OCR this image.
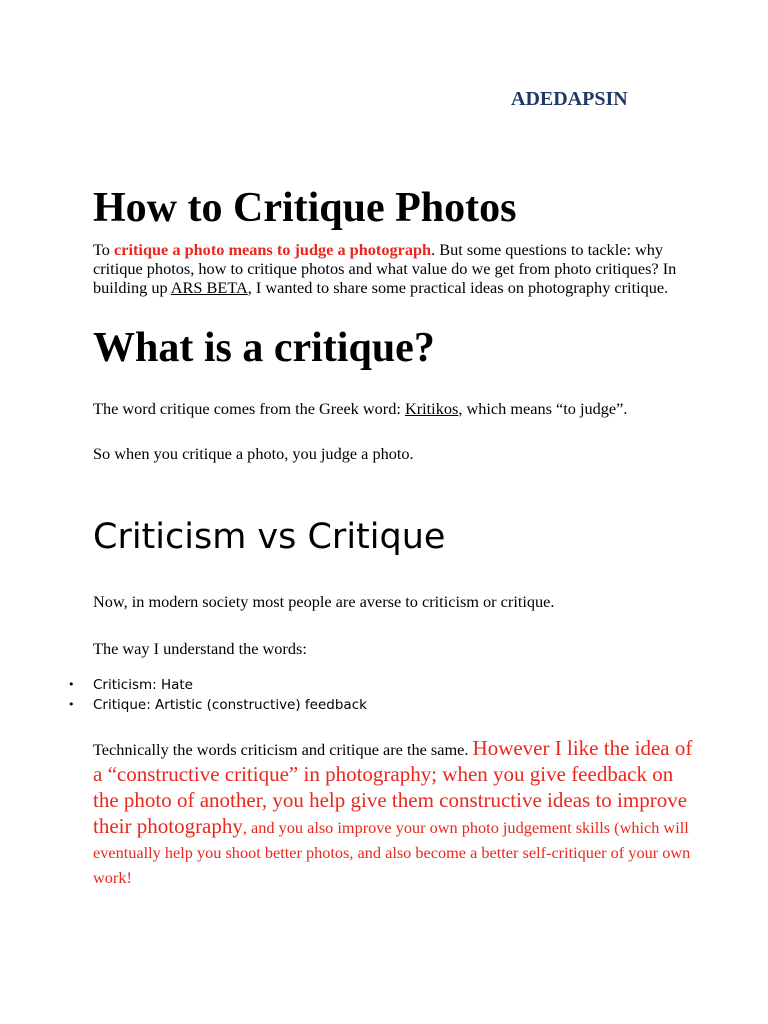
ADEDAPSIN
How to Critique Photos

To critique a photo means to judge a photograph. But some questions to tackle: why critique photos, how to critique photos and what value do we get from photo critiques? In building up ARS BETA, I wanted to share some practical ideas on photography critique.

What is a critique?

The word critique comes from the Greek word: Kritikos, which means “to judge”.

So when you critique a photo, you judge a photo.

Criticism vs Critique

Now, in modern society most people are averse to criticism or critique.

The way I understand the words:

• Criticism: Hate
• Critique: Artistic (constructive) feedback

Technically the words criticism and critique are the same. However I like the idea of a “constructive critique” in photography; when you give feedback on the photo of another, you help give them constructive ideas to improve their photography, and you also improve your own photo judgement skills (which will eventually help you shoot better photos, and also become a better self-critiquer of your own work!
